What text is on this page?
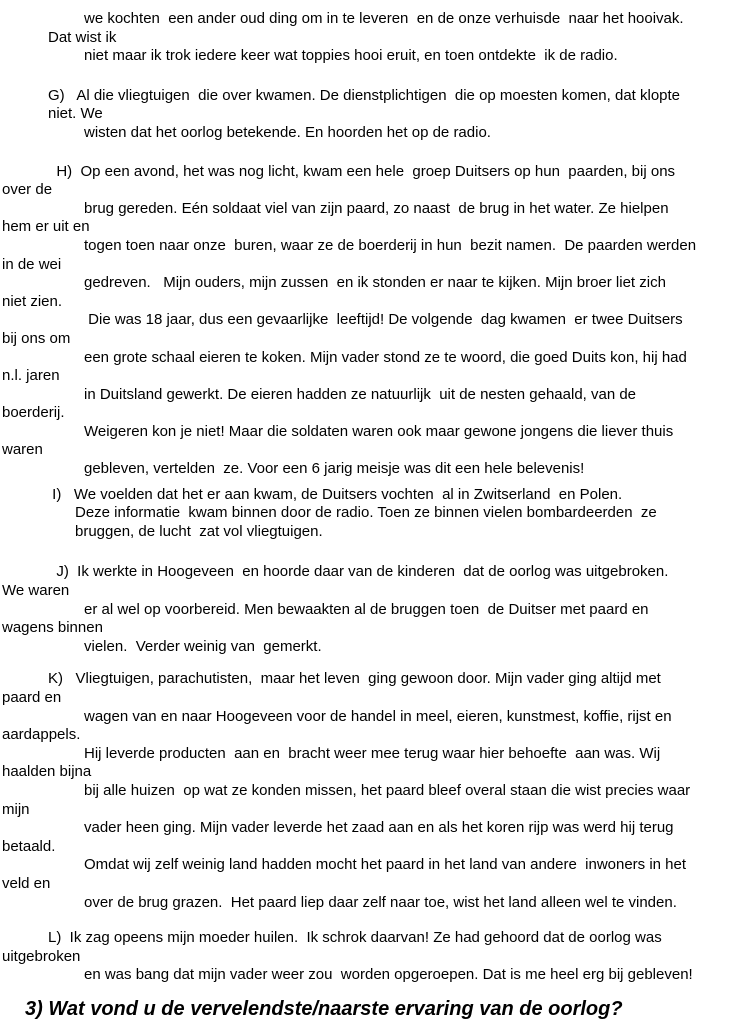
we kochten  een ander oud ding om in te leveren  en de onze verhuisde  naar het hooivak.
Dat wist ik
niet maar ik trok iedere keer wat toppies hooi eruit, en toen ontdekte  ik de radio.
G)   Al die vliegtuigen  die over kwamen. De dienstplichtigen  die op moesten komen, dat klopte
niet. We
wisten dat het oorlog betekende. En hoorden het op de radio.
H)  Op een avond, het was nog licht, kwam een hele  groep Duitsers op hun  paarden, bij ons
over de
brug gereden. Eén soldaat viel van zijn paard, zo naast  de brug in het water. Ze hielpen
hem er uit en
togen toen naar onze  buren, waar ze de boerderij in hun  bezit namen.  De paarden werden
in de wei
gedreven.   Mijn ouders, mijn zussen  en ik stonden er naar te kijken. Mijn broer liet zich
niet zien.
Die was 18 jaar, dus een gevaarlijke  leeftijd! De volgende  dag kwamen  er twee Duitsers
bij ons om
een grote schaal eieren te koken. Mijn vader stond ze te woord, die goed Duits kon, hij had
n.l. jaren
in Duitsland gewerkt. De eieren hadden ze natuurlijk  uit de nesten gehaald, van de
boerderij.
Weigeren kon je niet! Maar die soldaten waren ook maar gewone jongens die liever thuis
waren
gebleven, vertelden  ze. Voor een 6 jarig meisje was dit een hele belevenis!
I)   We voelden dat het er aan kwam, de Duitsers vochten  al in Zwitserland  en Polen.
Deze informatie  kwam binnen door de radio. Toen ze binnen vielen bombardeerden  ze
bruggen, de lucht  zat vol vliegtuigen.
J)  Ik werkte in Hoogeveen  en hoorde daar van de kinderen  dat de oorlog was uitgebroken.
We waren
er al wel op voorbereid. Men bewaakten al de bruggen toen  de Duitser met paard en
wagens binnen
vielen.  Verder weinig van  gemerkt.
K)   Vliegtuigen, parachutisten,  maar het leven  ging gewoon door. Mijn vader ging altijd met
paard en
wagen van en naar Hoogeveen voor de handel in meel, eieren, kunstmest, koffie, rijst en
aardappels.
Hij leverde producten  aan en  bracht weer mee terug waar hier behoefte  aan was. Wij
haalden bijna
bij alle huizen  op wat ze konden missen, het paard bleef overal staan die wist precies waar
mijn
vader heen ging. Mijn vader leverde het zaad aan en als het koren rijp was werd hij terug
betaald.
Omdat wij zelf weinig land hadden mocht het paard in het land van andere  inwoners in het
veld en
over de brug grazen.  Het paard liep daar zelf naar toe, wist het land alleen wel te vinden.
L)  Ik zag opeens mijn moeder huilen.  Ik schrok daarvan! Ze had gehoord dat de oorlog was
uitgebroken
en was bang dat mijn vader weer zou  worden opgeroepen. Dat is me heel erg bij gebleven!
3) Wat vond u de vervelendste/naarste ervaring van de oorlog?
